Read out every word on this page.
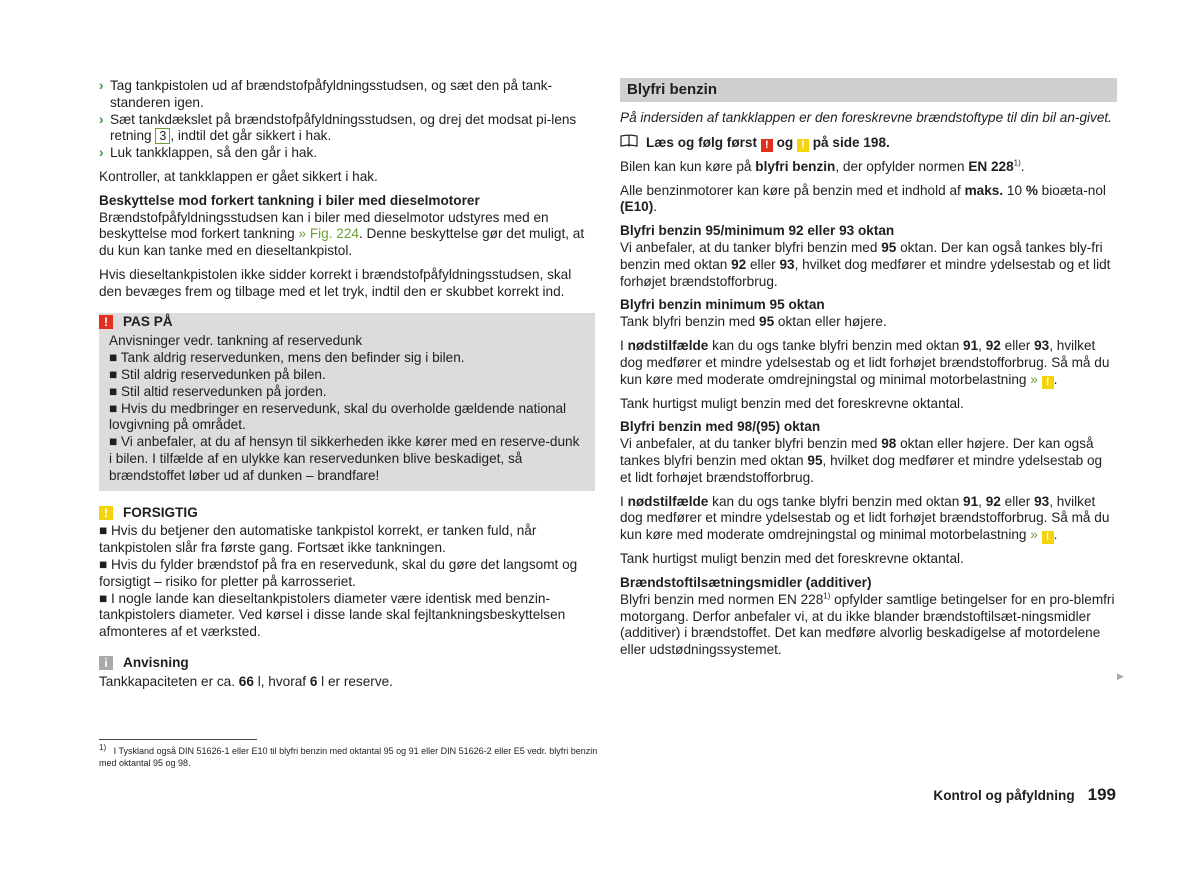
› Tag tankpistolen ud af brændstofpåfyldningsstudsen, og sæt den på tank-standeren igen.
› Sæt tankdækslet på brændstofpåfyldningsstudsen, og drej det modsat pi-lens retning 3 , indtil det går sikkert i hak.
› Luk tankklappen, så den går i hak.

Kontroller, at tankklappen er gået sikkert i hak.

Beskyttelse mod forkert tankning i biler med dieselmotorer

Brændstofpåfyldningsstudsen kan i biler med dieselmotor udstyres med en beskyttelse mod forkert tankning » Fig. 224. Denne beskyttelse gør det muligt, at du kun kan tanke med en dieseltankpistol.

Hvis dieseltankpistolen ikke sidder korrekt i brændstofpåfyldningsstudsen, skal den bevæges frem og tilbage med et let tryk, indtil den er skubbet korrekt ind.

!	PAS PÅ

Anvisninger vedr. tankning af reservedunk

■ Tank aldrig reservedunken, mens den befinder sig i bilen.

■ Stil aldrig reservedunken på bilen.

■ Stil altid reservedunken på jorden.

■ Hvis du medbringer en reservedunk, skal du overholde gældende national lovgivning på området.

■ Vi anbefaler, at du af hensyn til sikkerheden ikke kører med en reserve-dunk i bilen. I tilfælde af en ulykke kan reservedunken blive beskadiget, så brændstoffet løber ud af dunken – brandfare!

!	FORSIGTIG

■ Hvis du betjener den automatiske tankpistol korrekt, er tanken fuld, når tankpistolen slår fra første gang. Fortsæt ikke tankningen.

■ Hvis du fylder brændstof på fra en reservedunk, skal du gøre det langsomt og forsigtigt – risiko for pletter på karrosseriet.

■ I nogle lande kan dieseltankpistolers diameter være identisk med benzin-tankpistolers diameter. Ved kørsel i disse lande skal fejltankningsbeskyttelsen afmonteres af et værksted.

i	Anvisning

Tankkapaciteten er ca. 66 l, hvoraf 6 l er reserve.

Blyfri benzin

På indersiden af tankklappen er den foreskrevne brændstoftype til din bil an-givet.

Læs og følg først ! og ! på side 198.

Bilen kan kun køre på blyfri benzin, der opfylder normen EN 228$^{1)}$.

Alle benzinmotorer kan køre på benzin med et indhold af maks. 10 % bioæta-nol (E10).

Blyfri benzin 95/minimum 92 eller 93 oktan

Vi anbefaler, at du tanker blyfri benzin med 95 oktan. Der kan også tankes bly-fri benzin med oktan 92 eller 93, hvilket dog medfører et mindre ydelsestab og et lidt forhøjet brændstofforbrug.

Blyfri benzin minimum 95 oktan

Tank blyfri benzin med 95 oktan eller højere.

I nødstilfælde kan du ogs tanke blyfri benzin med oktan 91, 92 eller 93, hvilket dog medfører et mindre ydelsestab og et lidt forhøjet brændstofforbrug. Så må du kun køre med moderate omdrejningstal og minimal motorbelastning » ! .

Tank hurtigst muligt benzin med det foreskrevne oktantal.

Blyfri benzin med 98/(95) oktan

Vi anbefaler, at du tanker blyfri benzin med 98 oktan eller højere. Der kan også tankes blyfri benzin med oktan 95, hvilket dog medfører et mindre ydelsestab og et lidt forhøjet brændstofforbrug.

I nødstilfælde kan du ogs tanke blyfri benzin med oktan 91, 92 eller 93, hvilket dog medfører et mindre ydelsestab og et lidt forhøjet brændstofforbrug. Så må du kun køre med moderate omdrejningstal og minimal motorbelastning » ! .

Tank hurtigst muligt benzin med det foreskrevne oktantal.

Brændstoftilsætningsmidler (additiver)

Blyfri benzin med normen EN 228$^{1)}$ opfylder samtlige betingelser for en pro-blemfri motorgang. Derfor anbefaler vi, at du ikke blander brændstoftilsæt-ningsmidler (additiver) i brændstoffet. Det kan medføre alvorlig beskadigelse af motordelene eller udstødningssystemet.

▶
$^{1)}$ I Tyskland også DIN 51626-1 eller E10 til blyfri benzin med oktantal 95 og 91 eller DIN 51626-2 eller E5 vedr. blyfri benzin med oktantal 95 og 98.
Kontrol og påfyldning 199
